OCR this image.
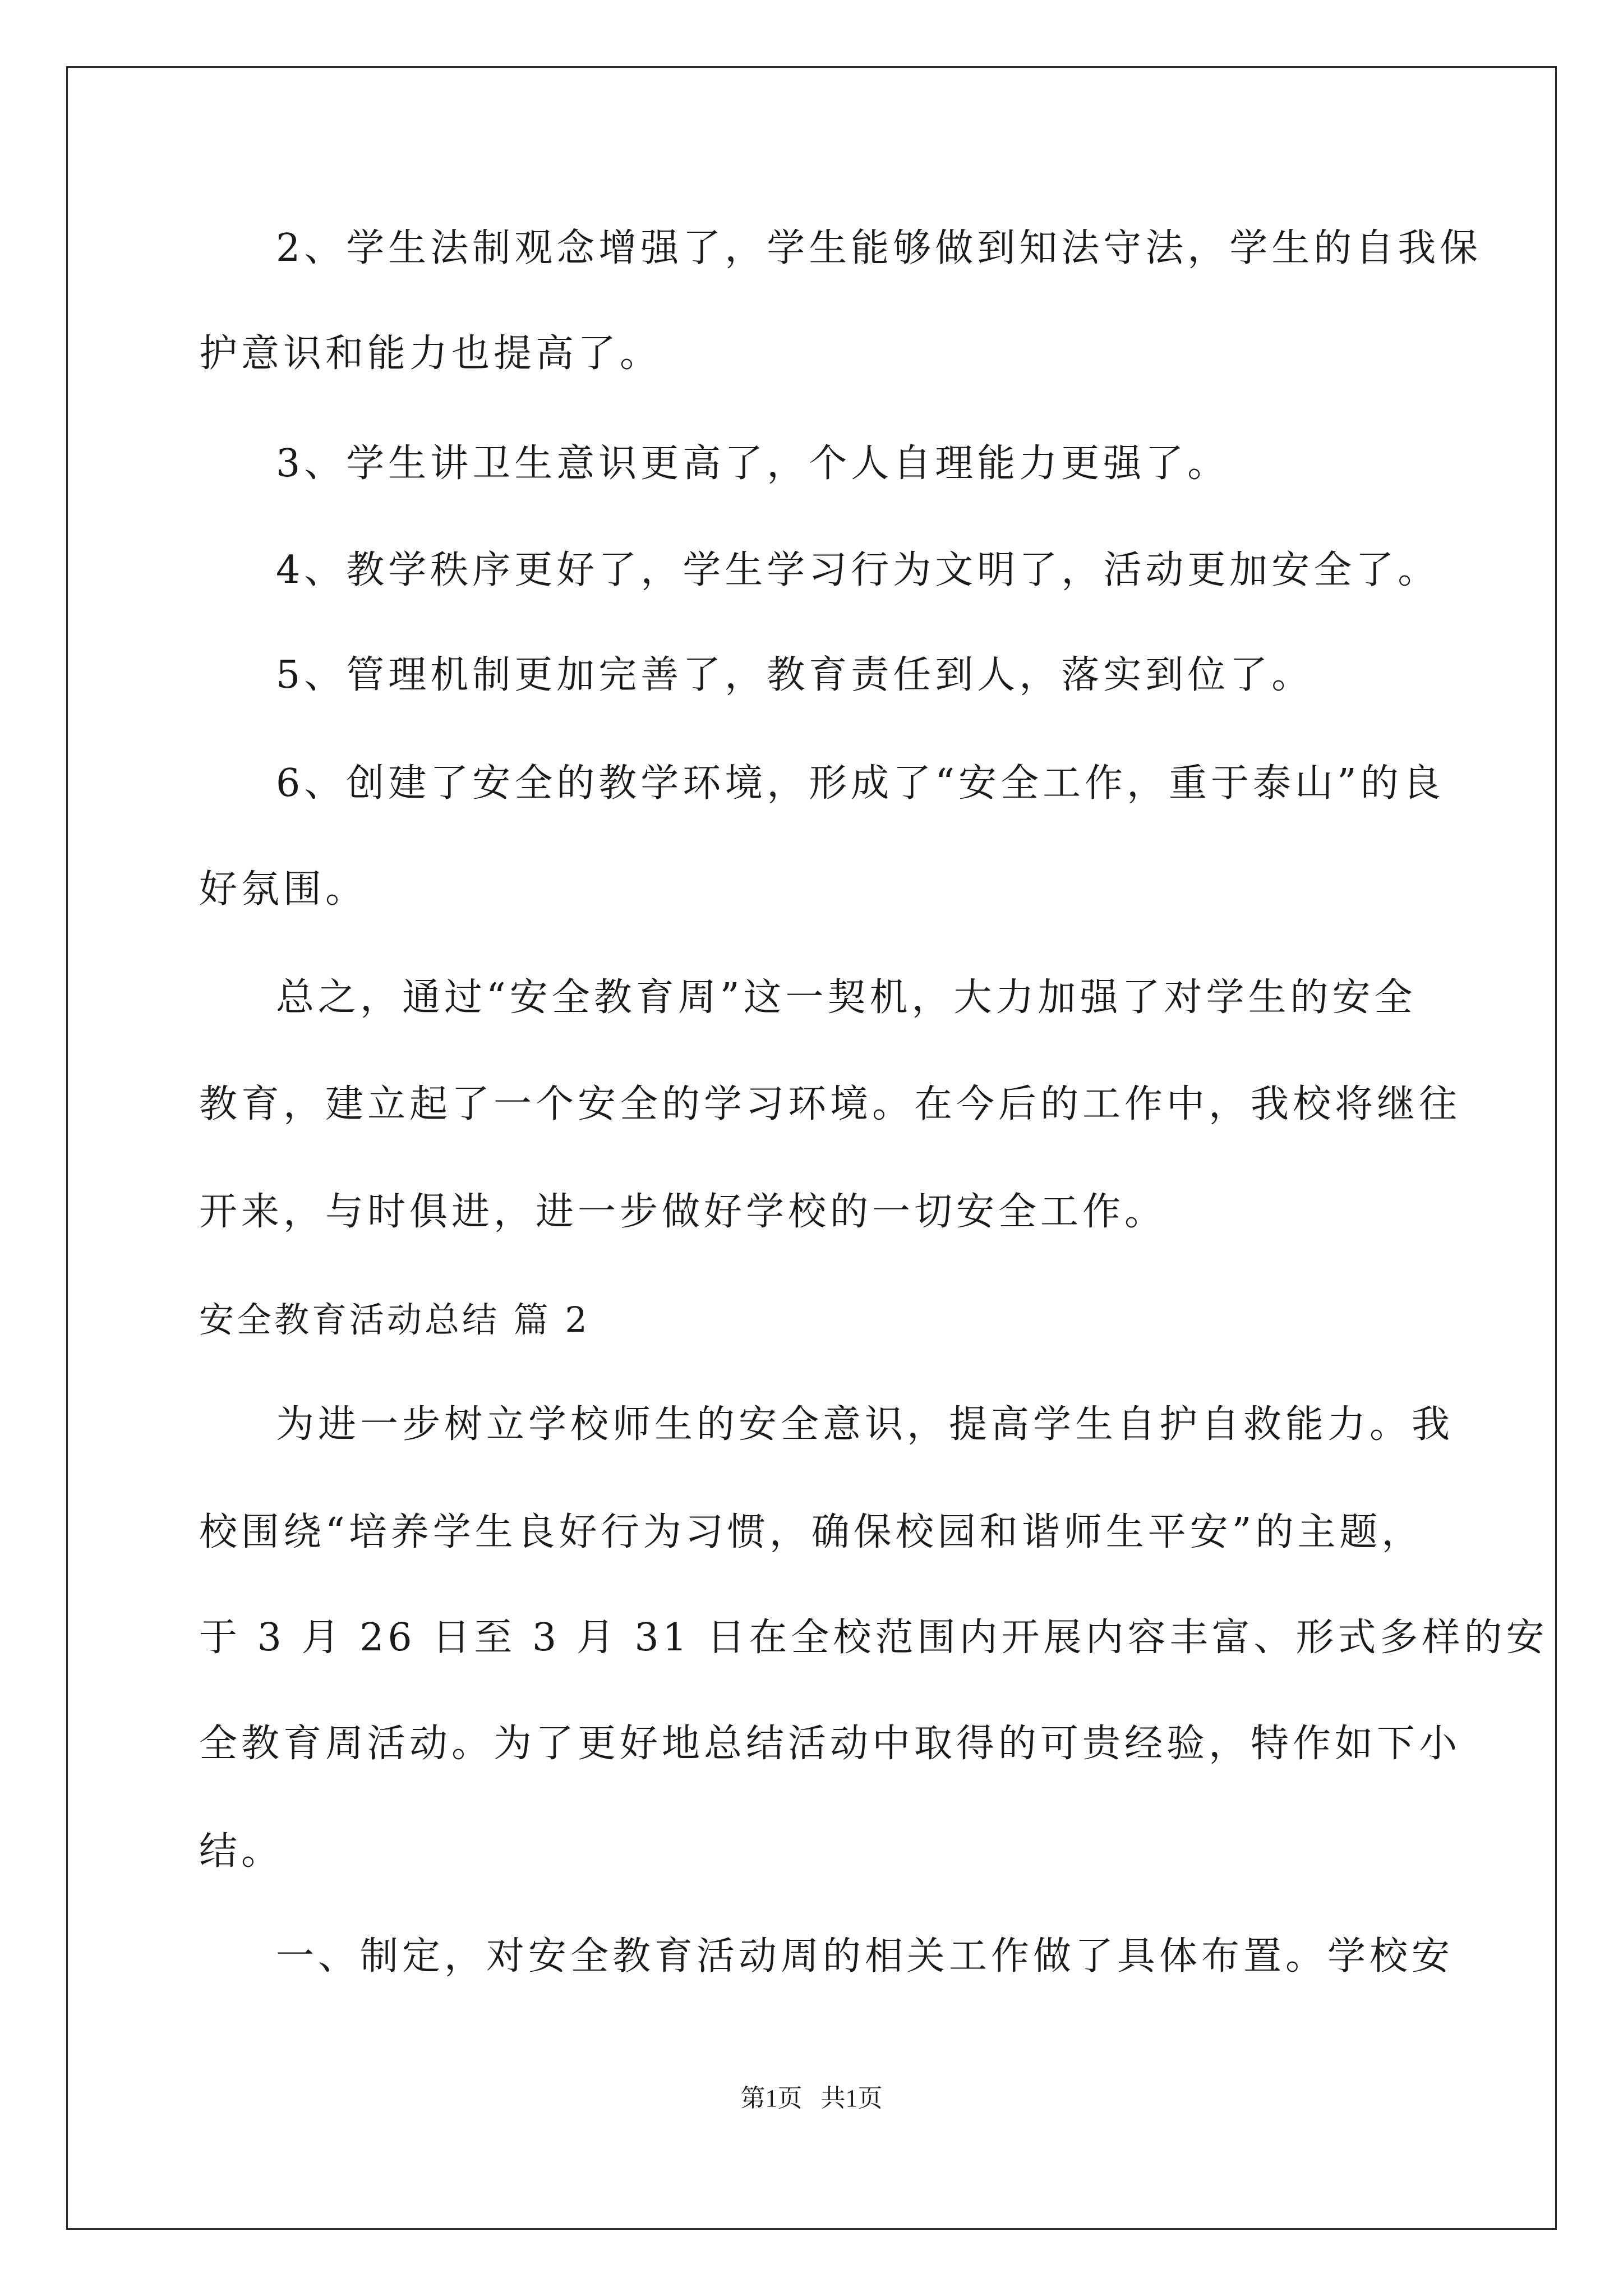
2、学生法制观念增强了，学生能够做到知法守法，学生的自我保
护意识和能力也提高了。
3、学生讲卫生意识更高了，个人自理能力更强了。
4、教学秩序更好了，学生学习行为文明了，活动更加安全了。
5、管理机制更加完善了，教育责任到人，落实到位了。
6、创建了安全的教学环境，形成了“安全工作，重于泰山”的良
好氛围。
总之，通过“安全教育周”这一契机，大力加强了对学生的安全
教育，建立起了一个安全的学习环境。在今后的工作中，我校将继往
开来，与时俱进，进一步做好学校的一切安全工作。
安全教育活动总结 篇 2
为进一步树立学校师生的安全意识，提高学生自护自救能力。我
校围绕“培养学生良好行为习惯，确保校园和谐师生平安”的主题，
于 3 月 26 日至 3 月 31 日在全校范围内开展内容丰富、形式多样的安
全教育周活动。为了更好地总结活动中取得的可贵经验，特作如下小
结。
一、制定，对安全教育活动周的相关工作做了具体布置。学校安
第1页   共1页
